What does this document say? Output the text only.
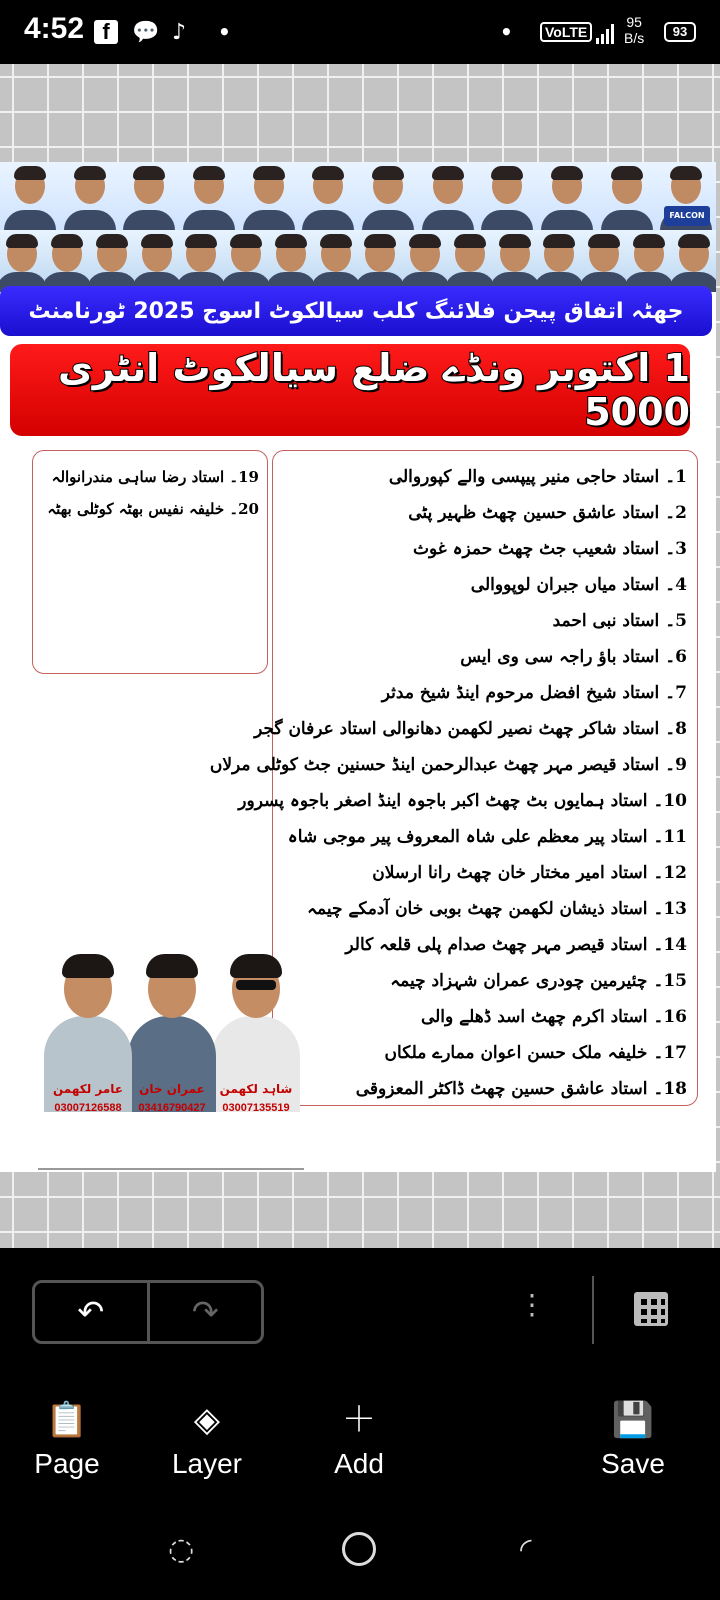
4:52 f	💬 ♪ •	•	VoLTE
95
B/s	93
FALCON
جھٹہ اتفاق پیجن فلائنگ کلب سیالکوٹ اسوج 2025 ٹورنامنٹ
1 اکتوبر ونڈے ضلع سیالکوٹ انٹری 5000
19۔ استاد رضا ساہی مندرانوالہ
20۔ خلیفہ نفیس بھٹہ کوٹلی بھٹہ
1۔ استاد حاجی منیر پیپسی والے کپوروالی
2۔ استاد عاشق حسین چھٹ ظہیر پٹی
3۔ استاد شعیب جٹ چھٹ حمزہ غوث
4۔ استاد میاں جبران لوپووالی
5۔ استاد نبی احمد
6۔ استاد باؤ راجہ سی وی ایس
7۔ استاد شیخ افضل مرحوم اینڈ شیخ مدثر
8۔ استاد شاکر چھٹ نصیر لکھمن دھانوالی استاد عرفان گجر
9۔ استاد قیصر مہر چھٹ عبدالرحمن اینڈ حسنین جٹ کوٹلی مرلاں
10۔ استاد ہمایوں بٹ چھٹ اکبر باجوہ اینڈ اصغر باجوہ پسرور
11۔ استاد پیر معظم علی شاہ المعروف پیر موجی شاہ
12۔ استاد امیر مختار خان چھٹ رانا ارسلان
13۔ استاد ذیشان لکھمن چھٹ بوبی خان آدمکے چیمہ
14۔ استاد قیصر مہر چھٹ صدام پلی قلعہ کالر
15۔ چئیرمین چودری عمران شہزاد چیمہ
16۔ استاد اکرم چھٹ اسد ڈھلے والی
17۔ خلیفہ ملک حسن اعوان ممارے ملکاں
18۔ استاد عاشق حسین چھٹ ڈاکٹر المعزوقی
شاہد لکھمن
03007135519
عمران خان
03416790427
عامر لکھمن
03007126588
↶	↷	⋮
📋
Page
◈
Layer
＋
Add
💾
Save
◌	◜
